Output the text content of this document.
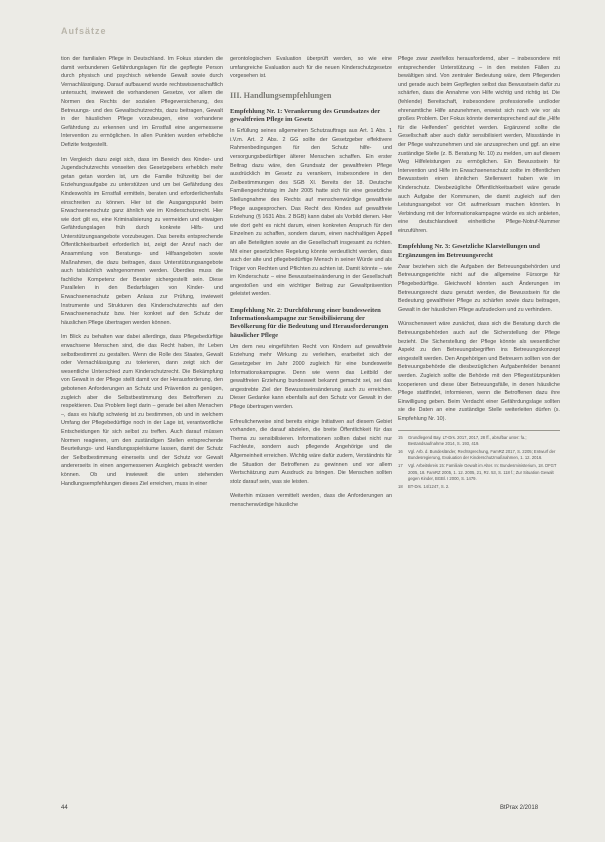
Aufsätze

tion der familialen Pflege in Deutschland. Im Fokus standen die damit verbundenen Gefährdungslagen für die gepflegte Person durch physisch und psychisch wirkende Gewalt sowie durch Vernachlässigung. Darauf aufbauend wurde rechtswissenschaftlich untersucht, inwieweit die vorhandenen Gesetze, vor allem die Normen des Rechts der sozialen Pflegeversicherung, des Betreuungs- und des Gewaltschutzrechts, dazu beitragen, Gewalt in der häuslichen Pflege vorzubeugen, eine vorhandene Gefährdung zu erkennen und im Ernstfall eine angemessene Intervention zu ermöglichen. In allen Punkten wurden erhebliche Defizite festgestellt.

Im Vergleich dazu zeigt sich, dass im Bereich des Kinder- und Jugendschutzrechts vonseiten des Gesetzgebers erheblich mehr getan getan worden ist, um die Familie frühzeitig bei der Erziehungsaufgabe zu unterstützen und um bei Gefährdung des Kindeswohls im Ernstfall ermitteln, beraten und erforderlichenfalls einschreiten zu können. Hier ist die Ausgangspunkt beim Erwachsenenschutz ganz ähnlich wie im Kinderschutzrecht. Hier wie dort gilt es, eine Kriminalisierung zu vermeiden und etwaigen Gefährdungslagen früh durch konkrete Hilfs- und Unterstützungsangebote vorzubeugen. Das bereits entsprechende Öffentlichkeitsarbeit erforderlich ist, zeigt der Anruf nach der Ansammlung von Beratungs- und Hilfsangeboten sowie Maßnahmen, die dazu beitragen, dass Unterstützungsangebote auch tatsächlich wahrgenommen werden. Überdies muss die fachliche Kompetenz der Berater sichergestellt sein. Diese Parallelen in den Bedarfslagen von Kinder- und Erwachsenenschutz geben Anlass zur Prüfung, inwieweit Instrumente und Strukturen des Kinderschutzrechts auf den Erwachsenenschutz bzw. hier konkret auf den Schutz der häuslichen Pflege übertragen werden können.

Im Blick zu behalten war dabei allerdings, dass Pflegebedürftige erwachsene Menschen sind, die das Recht haben, ihr Leben selbstbestimmt zu gestalten. Wenn die Rolle des Staates, Gewalt oder Vernachlässigung zu tolerieren, dann zeigt sich der wesentliche Unterschied zum Kinderschutzrecht. Die Bekämpfung von Gewalt in der Pflege stellt damit vor der Herausforderung, den gebotenen Anforderungen an Schutz und Prävention zu genügen, zugleich aber die Selbstbestimmung des Betroffenen zu respektieren. Das Problem liegt darin – gerade bei alten Menschen –, dass es häufig schwierig ist zu bestimmen, ob und in welchem Umfang der Pflegebedürftige noch in der Lage ist, verantwortliche Entscheidungen für sich selbst zu treffen. Auch darauf müssen Normen reagieren, um den zuständigen Stellen entsprechende Beurteilungs- und Handlungsspielräume lassen, damit der Schutz der Selbstbestimmung einerseits und der Schutz vor Gewalt andererseits in einen angemessenen Ausgleich gebracht werden können. Ob und inwieweit die unten stehenden Handlungsempfehlungen dieses Ziel erreichen, muss in einer

gerontologischen Evaluation überprüft werden, so wie eine umfangreiche Evaluation auch für die neuen Kinderschutzgesetze vorgesehen ist.

III. Handlungsempfehlungen
Empfehlung Nr. 1: Verankerung des Grundsatzes der gewaltfreien Pflege im Gesetz

In Erfüllung seines allgemeinen Schutzauftrags aus Art. 1 Abs. 1 i.V.m. Art. 2 Abs. 2 GG sollte der Gesetzgeber effektivere Rahmenbedingungen für den Schutz hilfe- und versorgungsbedürftiger älterer Menschen schaffen. Ein erster Beitrag dazu wäre, den Grundsatz der gewaltfreien Pflege ausdrücklich im Gesetz zu verankern, insbesondere in den Zielbestimmungen des SGB XI. Bereits der 18. Deutsche Familiengerichtstag im Jahr 2005 hatte sich für eine gesetzliche Stellungnahme des Rechts auf menschenwürdige gewaltfreie Pflege ausgesprochen. Das Recht des Kindes auf gewaltfreie Erziehung (§ 1631 Abs. 2 BGB) kann dabei als Vorbild dienen. Hier wie dort geht es nicht darum, einen konkreten Anspruch für den Einzelnen zu schaffen, sondern darum, einen nachhaltigen Appell an alle Beteiligten sowie an die Gesellschaft insgesamt zu richten. Mit einer gesetzlichen Regelung könnte verdeutlicht werden, dass auch der alte und pflegebedürftige Mensch in seiner Würde und als Träger von Rechten und Pflichten zu achten ist. Damit könnte – wie im Kinderschutz – eine Bewusstseinsänderung in der Gesellschaft angestoßen und ein wichtiger Beitrag zur Gewaltprävention geleistet werden.

Empfehlung Nr. 2: Durchführung einer bundesweiten Informationskampagne zur Sensibilisierung der Bevölkerung für die Bedeutung und Herausforderungen häuslicher Pflege

Um dem neu eingeführten Recht von Kindern auf gewaltfreie Erziehung mehr Wirkung zu verleihen, erarbeitet sich der Gesetzgeber im Jahr 2000 zugleich für eine bundesweite Informationskampagne. Denn wie wenn das Leitbild der gewaltfreien Erziehung bundesweit bekannt gemacht sei, sei das angestrebte Ziel der Bewusstseinsänderung auch zu erreichen. Dieser Gedanke kann ebenfalls auf den Schutz vor Gewalt in der Pflege übertragen werden.

Erfreulicherweise sind bereits einige Initiativen auf diesem Gebiet vorhanden, die darauf abzielen, die breite Öffentlichkeit für das Thema zu sensibilisieren. Informationen sollten dabei nicht nur Fachleute, sondern auch pflegende Angehörige und die Allgemeinheit erreichen. Wichtig wäre dafür zudem, Verständnis für die Situation der Betroffenen zu gewinnen und vor allem Wertschätzung zum Ausdruck zu bringen. Die Menschen sollten stolz darauf sein, was sie leisten.

Weiterhin müssen vermittelt werden, dass die Anforderungen an menschenwürdige häusliche

Pflege zwar zweifellos herausfordernd, aber – insbesondere mit entsprechender Unterstützung – in den meisten Fällen zu bewältigen sind. Von zentraler Bedeutung wäre, dem Pflegenden und gerade auch beim Gepflegten selbst das Bewusstsein dafür zu schärfen, dass die Annahme von Hilfe wichtig und richtig ist. Die (fehlende) Bereitschaft, insbesondere professionelle und/oder ehrenamtliche Hilfe anzunehmen, erweist sich nach wie vor als großes Problem. Der Fokus könnte dementsprechend auf die „Hilfe für die Helfenden“ gerichtet werden. Ergänzend sollte die Gesellschaft aber auch dafür sensibilisiert werden, Missstände in der Pflege wahrzunehmen und sie anzusprechen und ggf. an eine zuständige Stelle (z. B. Beratung Nr. 10) zu melden, um auf diesem Weg Hilfeleistungen zu ermöglichen. Ein Bewusstsein für Intervention und Hilfe im Erwachsenenschutz sollte im öffentlichen Bewusstsein einen ähnlichen Stellenwert haben wie im Kinderschutz. Diesbezügliche Öffentlichkeitsarbeit wäre gerade auch Aufgabe der Kommunen, die damit zugleich auf den Leistungsangebot vor Ort aufmerksam machen könnten. In Verbindung mit der Informationskampagne würde es sich anbieten, eine deutschlandweit einheitliche Pflege-Notruf-Nummer einzuführen.

Empfehlung Nr. 3: Gesetzliche Klarstellungen und Ergänzungen im Betreuungsrecht

Zwar beziehen sich die Aufgaben der Betreuungsbehörden und Betreuungsgerichte nicht auf die allgemeine Fürsorge für Pflegebedürftige. Gleichwohl könnten auch Änderungen im Betreuungsrecht dazu genutzt werden, die Bewusstsein für die Bedeutung gewaltfreier Pflege zu schärfen sowie dazu beitragen, Gewalt in der häuslichen Pflege aufzudecken und zu verhindern.

Wünschenswert wäre zunächst, dass sich die Beratung durch die Betreuungsbehörden auch auf die Sicherstellung der Pflege bezieht. Die Sicherstellung der Pflege könnte als wesentlicher Aspekt zu den Betreuungsbegriffen ins Betreuungskonzept eingestellt werden. Den Angehörigen und Betreuern sollten von der Betreuungsbehörde die diesbezüglichen Aufgabenfelder benannt werden. Zugleich sollte die Behörde mit den Pflegestützpunkten kooperieren und diese über Betreuungsfälle, in denen häusliche Pflege stattfindet, informieren, wenn die Betroffenen dazu ihre Einwilligung geben. Beim Verdacht einer Gefährdungslage sollten sie die Daten an eine zuständige Stelle weiterleiten dürfen (s. Empfehlung Nr. 10).

15	Grundlegend Bay. LT-Drs. 2017, 2017, 28 ff., abrufbar unter: fa.; Bestandsaufnahme 2014, S. 193, 419.
16	Vgl. Arb. d. Bundesländer, Rechtsprechung, FamRZ 2017, S. 2205; Entwurf der Bundesregierung, Evaluation der Kinderschutzmaßnahmen, 1. 12. 2016.
17	Vgl. Arbeitskreis 15: Familiale Gewalt im Alter. In: Bundesministerium, 18. DFGT 2005, 18. FamRZ 2005, 1. 12. 2005, 21, Rz. 53, S. 118 f.; Zur Situation Gewalt gegen Kinder, BGBl. I 2000, S. 1479.
18	BT-Drs. 14/1247, S. 2.
44	BtPrax 2/2018
